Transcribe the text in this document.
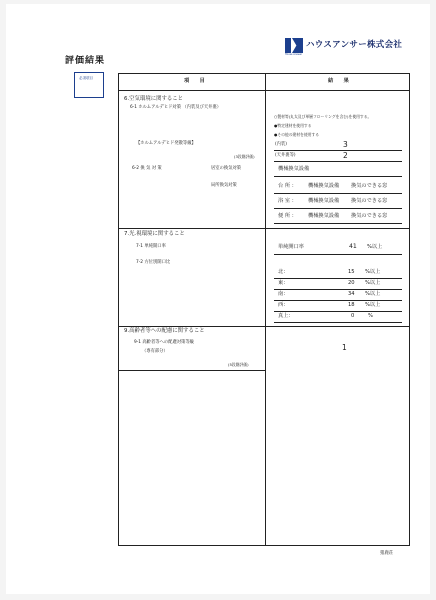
House Answer
ハウスアンサー株式会社
評価結果
必須項目	項　　目	結　　果
6.空気環境に関すること
6-1 ホルムアルデヒド対策 （内装及び天井裏）
○製材等(丸太及び単層フローリングを含む)を使用する。
●特定建材を使用する
●その他の建材を使用する
【ホルムアルデヒド発散等級】
(3段階評価)
(内装)	3
(天井裏等)	2
6-2 換 気 対 策	居室の換気対策	機械換気設備
局所換気対策	台 所 ： 機械換気設備 換気のできる窓
浴 室 ： 機械換気設備 換気のできる窓
便 所 ： 機械換気設備 換気のできる窓
7.光.視環境に関すること
7-1 単純開口率	単純開口率	41 %以上
7-2 方位別開口比
北：	15 %以上
東：	20 %以上
南：	34 %以上
西：	18 %以上
真上：	0	%
9.高齢者等への配慮に関すること
9-1 高齢者等への配慮対策等級
（専有部分）
(5段階評価)
1
猪鹿荘
